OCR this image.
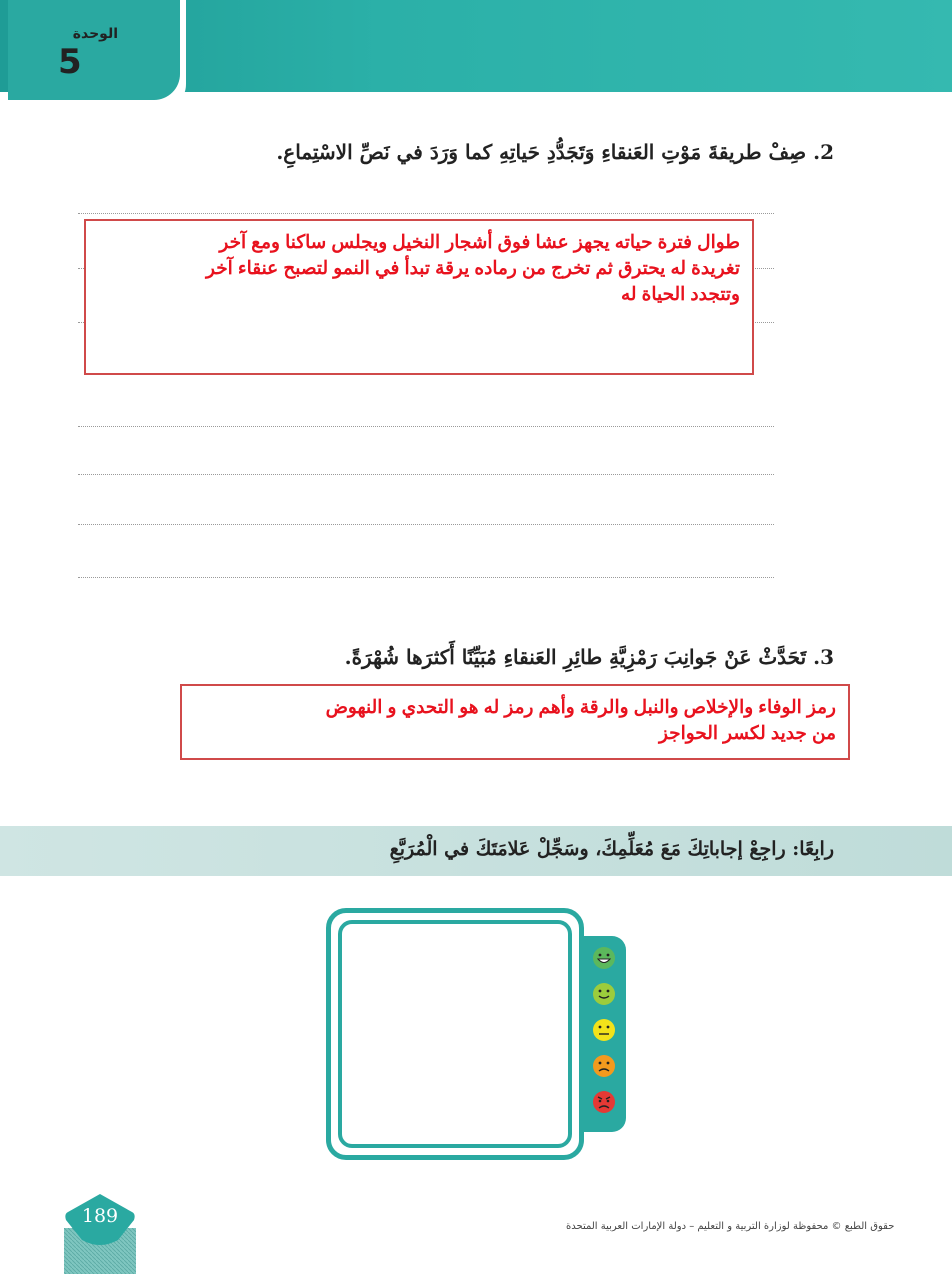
الوحدة
5
2. صِفْ طريقةَ مَوْتِ العَنقاءِ وَتَجَدُّدِ حَياتِهِ كما وَرَدَ في نَصِّ الاسْتِماعِ.
طوال فترة حياته يجهز عشا فوق أشجار النخيل ويجلس ساكنا ومع آخر
تغريدة له يحترق ثم تخرج من رماده يرقة تبدأ في النمو لتصبح عنقاء آخر
وتتجدد الحياة له
3. تَحَدَّثْ عَنْ جَوانِبَ رَمْزِيَّةِ طائِرِ العَنقاءِ مُبَيِّنًا أَكثرَها شُهْرَةً.
رمز الوفاء والإخلاص والنبل والرقة وأهم رمز له هو التحدي و النهوض
من جديد لكسر الحواجز
رابِعًا: راجِعْ إجاباتِكَ مَعَ مُعَلِّمِكَ، وسَجِّلْ عَلامَتَكَ في الْمُرَبَّعِ
189	حقوق الطبع © محفوظة لوزارة التربية و التعليم – دولة الإمارات العربية المتحدة
